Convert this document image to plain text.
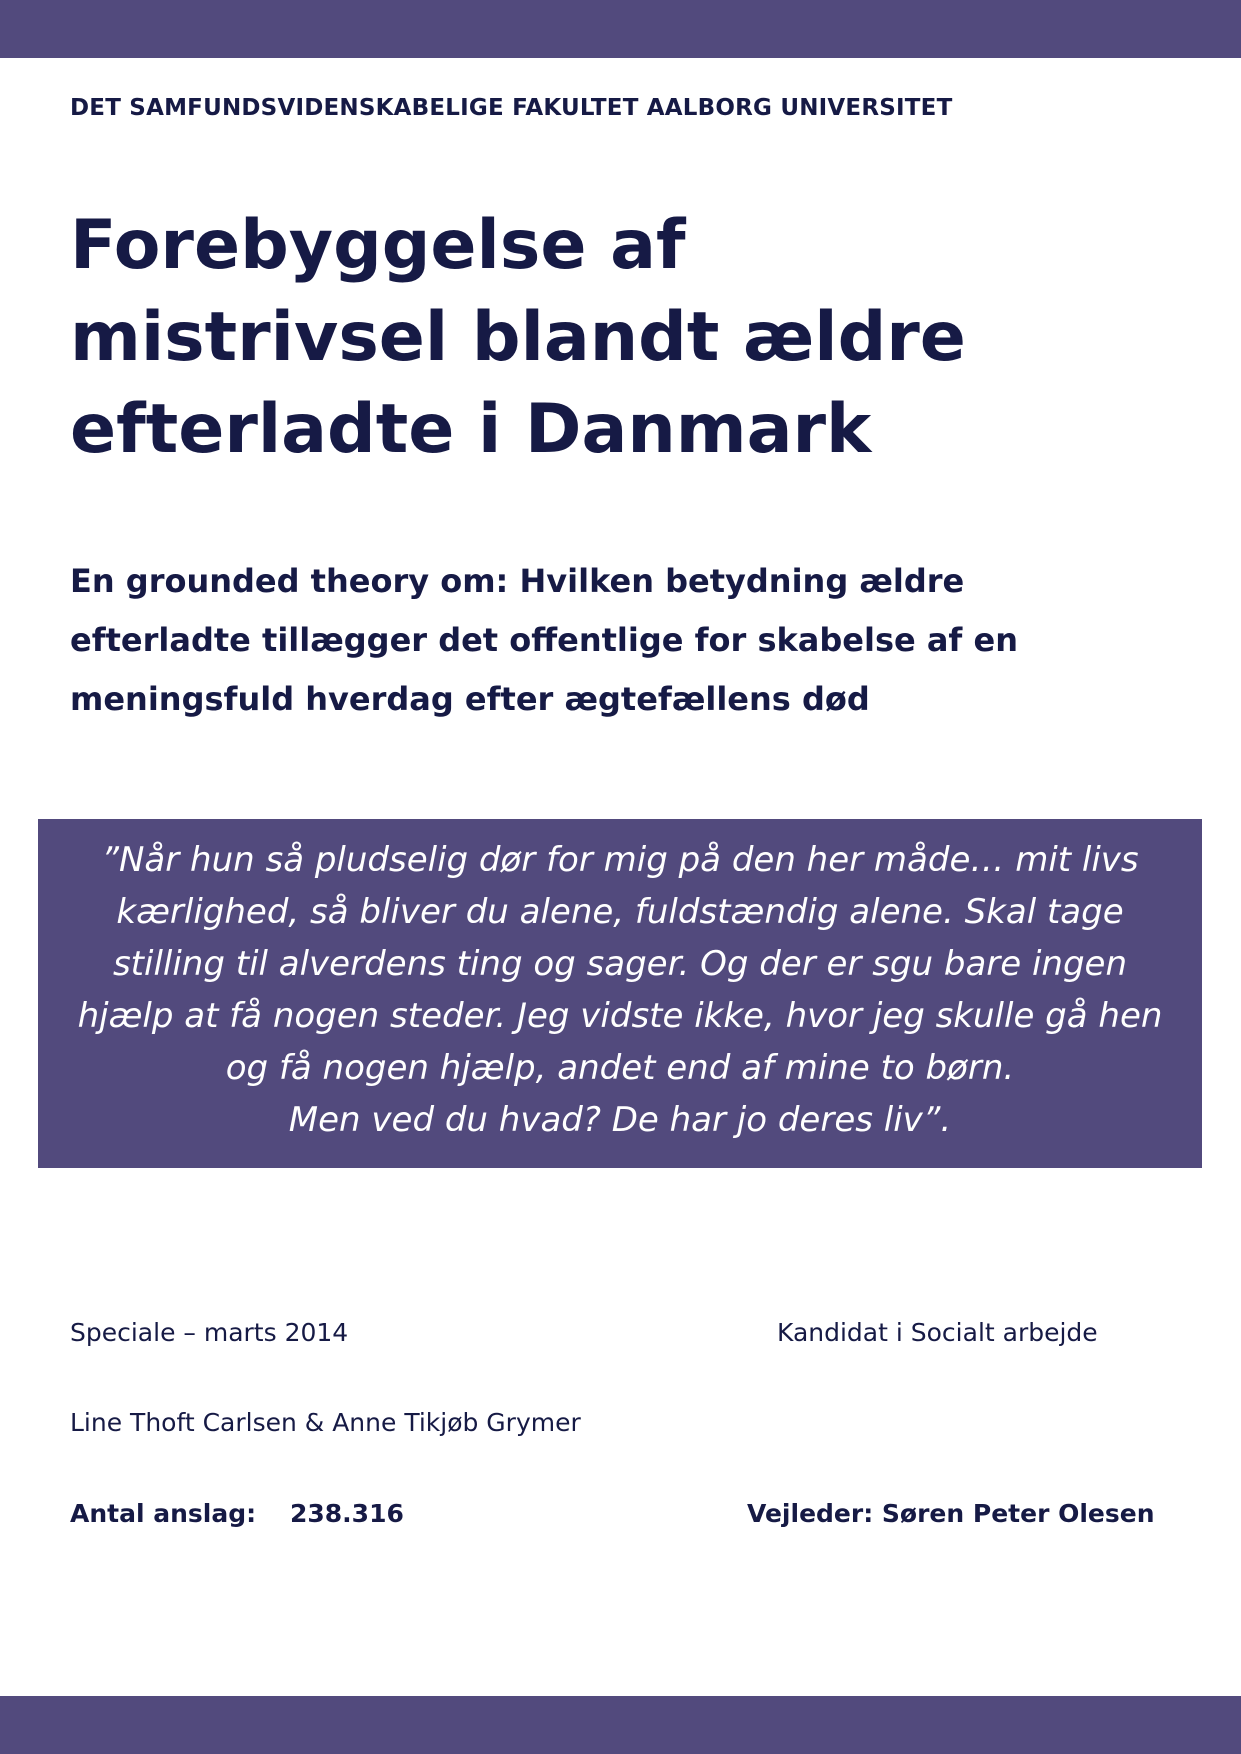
DET SAMFUNDSVIDENSKABELIGE FAKULTET AALBORG UNIVERSITET
Forebyggelse af
mistrivsel blandt ældre
efterladte i Danmark
En grounded theory om: Hvilken betydning ældre
efterladte tillægger det offentlige for skabelse af en
meningsfuld hverdag efter ægtefællens død
”Når hun så pludselig dør for mig på den her måde… mit livs
kærlighed, så bliver du alene, fuldstændig alene. Skal tage
stilling til alverdens ting og sager. Og der er sgu bare ingen
hjælp at få nogen steder. Jeg vidste ikke, hvor jeg skulle gå hen
og få nogen hjælp, andet end af mine to børn.
Men ved du hvad? De har jo deres liv”.
Speciale – marts 2014	Kandidat i Socialt arbejde
Line Thoft Carlsen & Anne Tikjøb Grymer
Antal anslag: 238.316	Vejleder: Søren Peter Olesen
